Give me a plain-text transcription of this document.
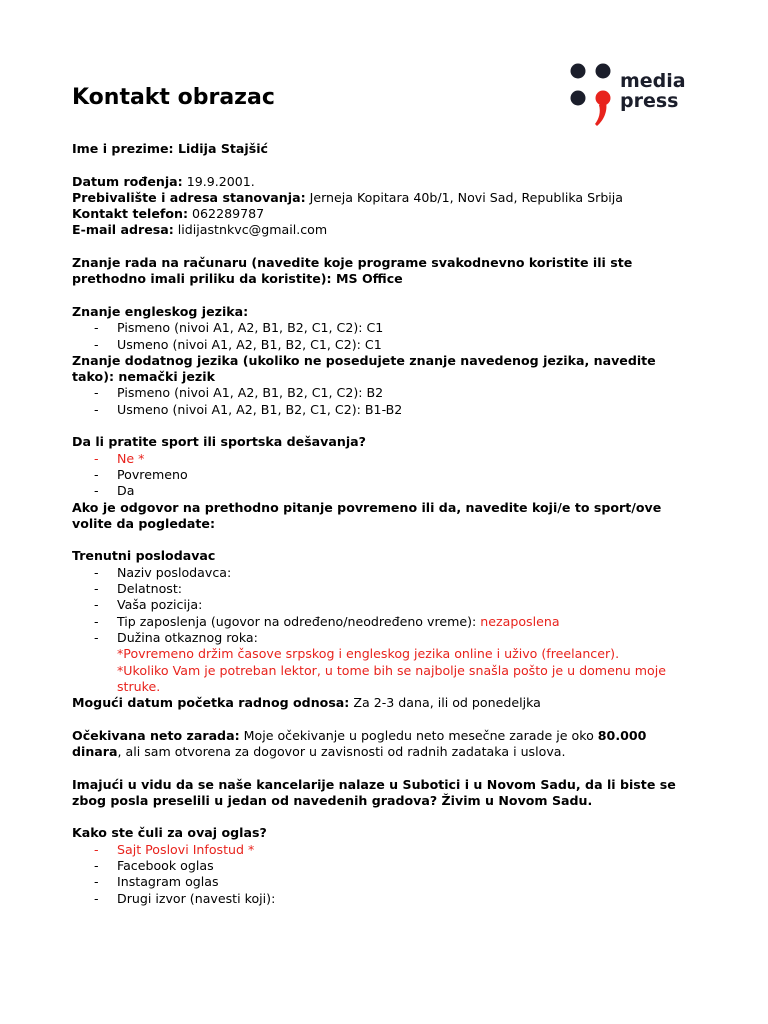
Kontakt obrazac
media
press
Ime i prezime: Lidija Stajšić
Datum rođenja: 19.9.2001.
Prebivalište i adresa stanovanja: Jerneja Kopitara 40b/1, Novi Sad, Republika Srbija
Kontakt telefon: 062289787
E-mail adresa: lidijastnkvc@gmail.com
Znanje rada na računaru (navedite koje programe svakodnevno koristite ili ste
prethodno imali priliku da koristite): MS Office
Znanje engleskog jezika:
- Pismeno (nivoi A1, A2, B1, B2, C1, C2): C1
- Usmeno (nivoi A1, A2, B1, B2, C1, C2): C1
Znanje dodatnog jezika (ukoliko ne posedujete znanje navedenog jezika, navedite
tako): nemački jezik
- Pismeno (nivoi A1, A2, B1, B2, C1, C2): B2
- Usmeno (nivoi A1, A2, B1, B2, C1, C2): B1-B2
Da li pratite sport ili sportska dešavanja?
- Ne *
- Povremeno
- Da
Ako je odgovor na prethodno pitanje povremeno ili da, navedite koji/e to sport/ove
volite da pogledate:
Trenutni poslodavac
- Naziv poslodavca:
- Delatnost:
- Vaša pozicija:
- Tip zaposlenja (ugovor na određeno/neodređeno vreme): nezaposlena
- Dužina otkaznog roka:
*Povremeno držim časove srpskog i engleskog jezika online i uživo (freelancer).
*Ukoliko Vam je potreban lektor, u tome bih se najbolje snašla pošto je u domenu moje
struke.
Mogući datum početka radnog odnosa: Za 2-3 dana, ili od ponedeljka
Očekivana neto zarada: Moje očekivanje u pogledu neto mesečne zarade je oko 80.000
dinara, ali sam otvorena za dogovor u zavisnosti od radnih zadataka i uslova.
Imajući u vidu da se naše kancelarije nalaze u Subotici i u Novom Sadu, da li biste se
zbog posla preselili u jedan od navedenih gradova? Živim u Novom Sadu.
Kako ste čuli za ovaj oglas?
- Sajt Poslovi Infostud *
- Facebook oglas
- Instagram oglas
- Drugi izvor (navesti koji):
